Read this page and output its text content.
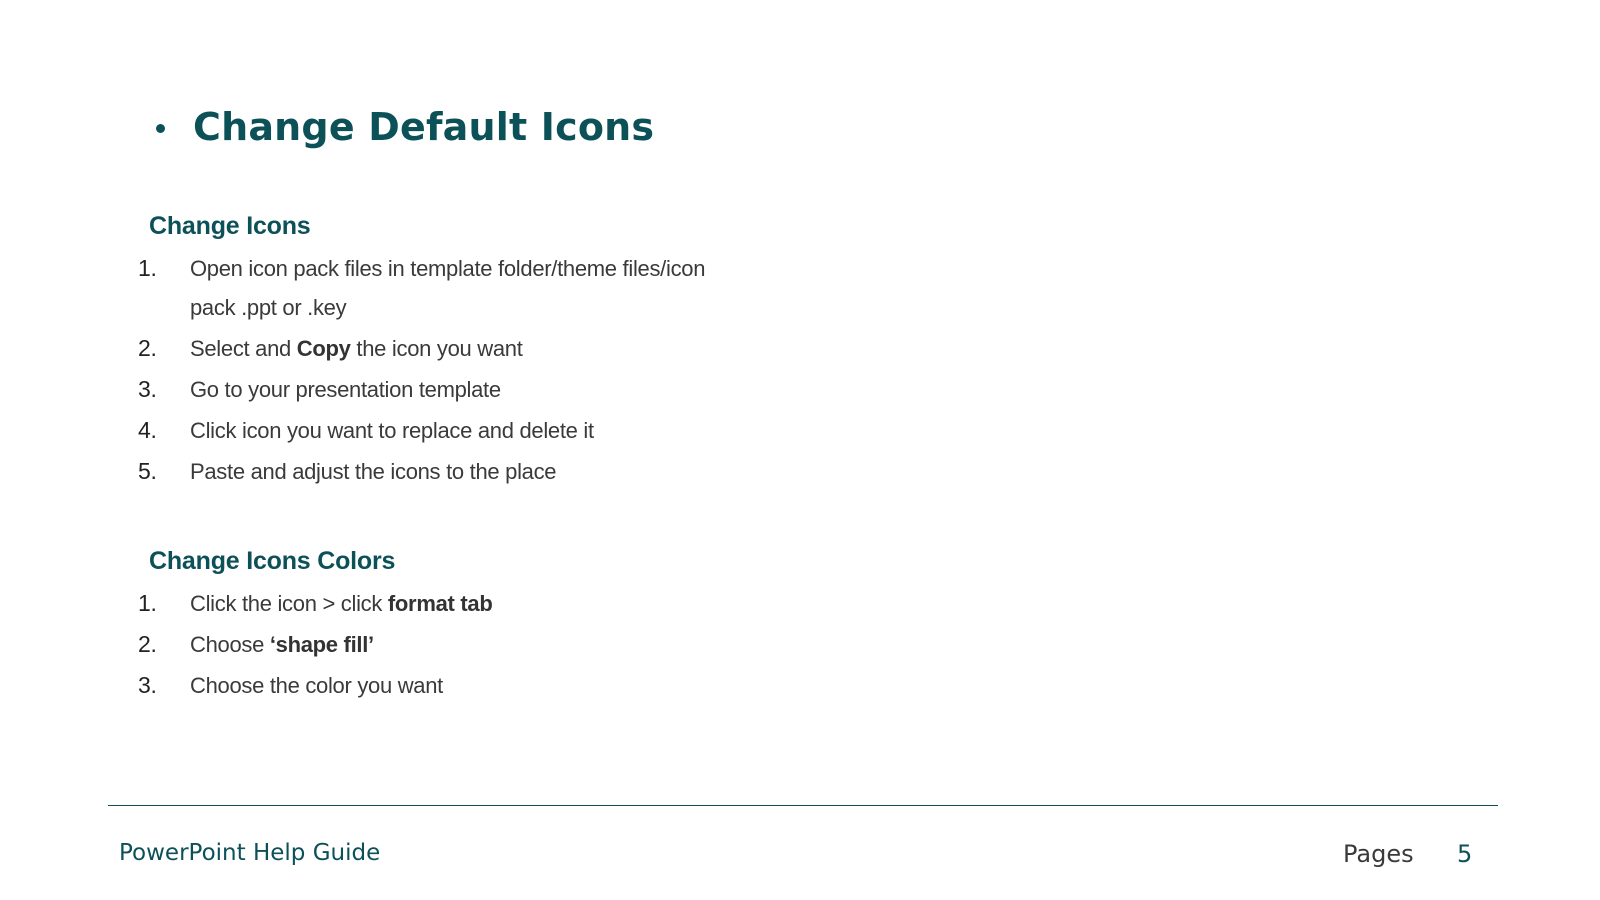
Change Default Icons
Change Icons
1.	Open icon pack files in template folder/theme files/icon pack .ppt or .key
2.	Select and Copy the icon you want
3.	Go to your presentation template
4.	Click icon you want to replace and delete it
5.	Paste and adjust the icons to the place
Change Icons Colors
1.	Click the icon > click format tab
2.	Choose ‘shape fill’
3.	Choose the color you want
PowerPoint Help Guide	Pages 5
